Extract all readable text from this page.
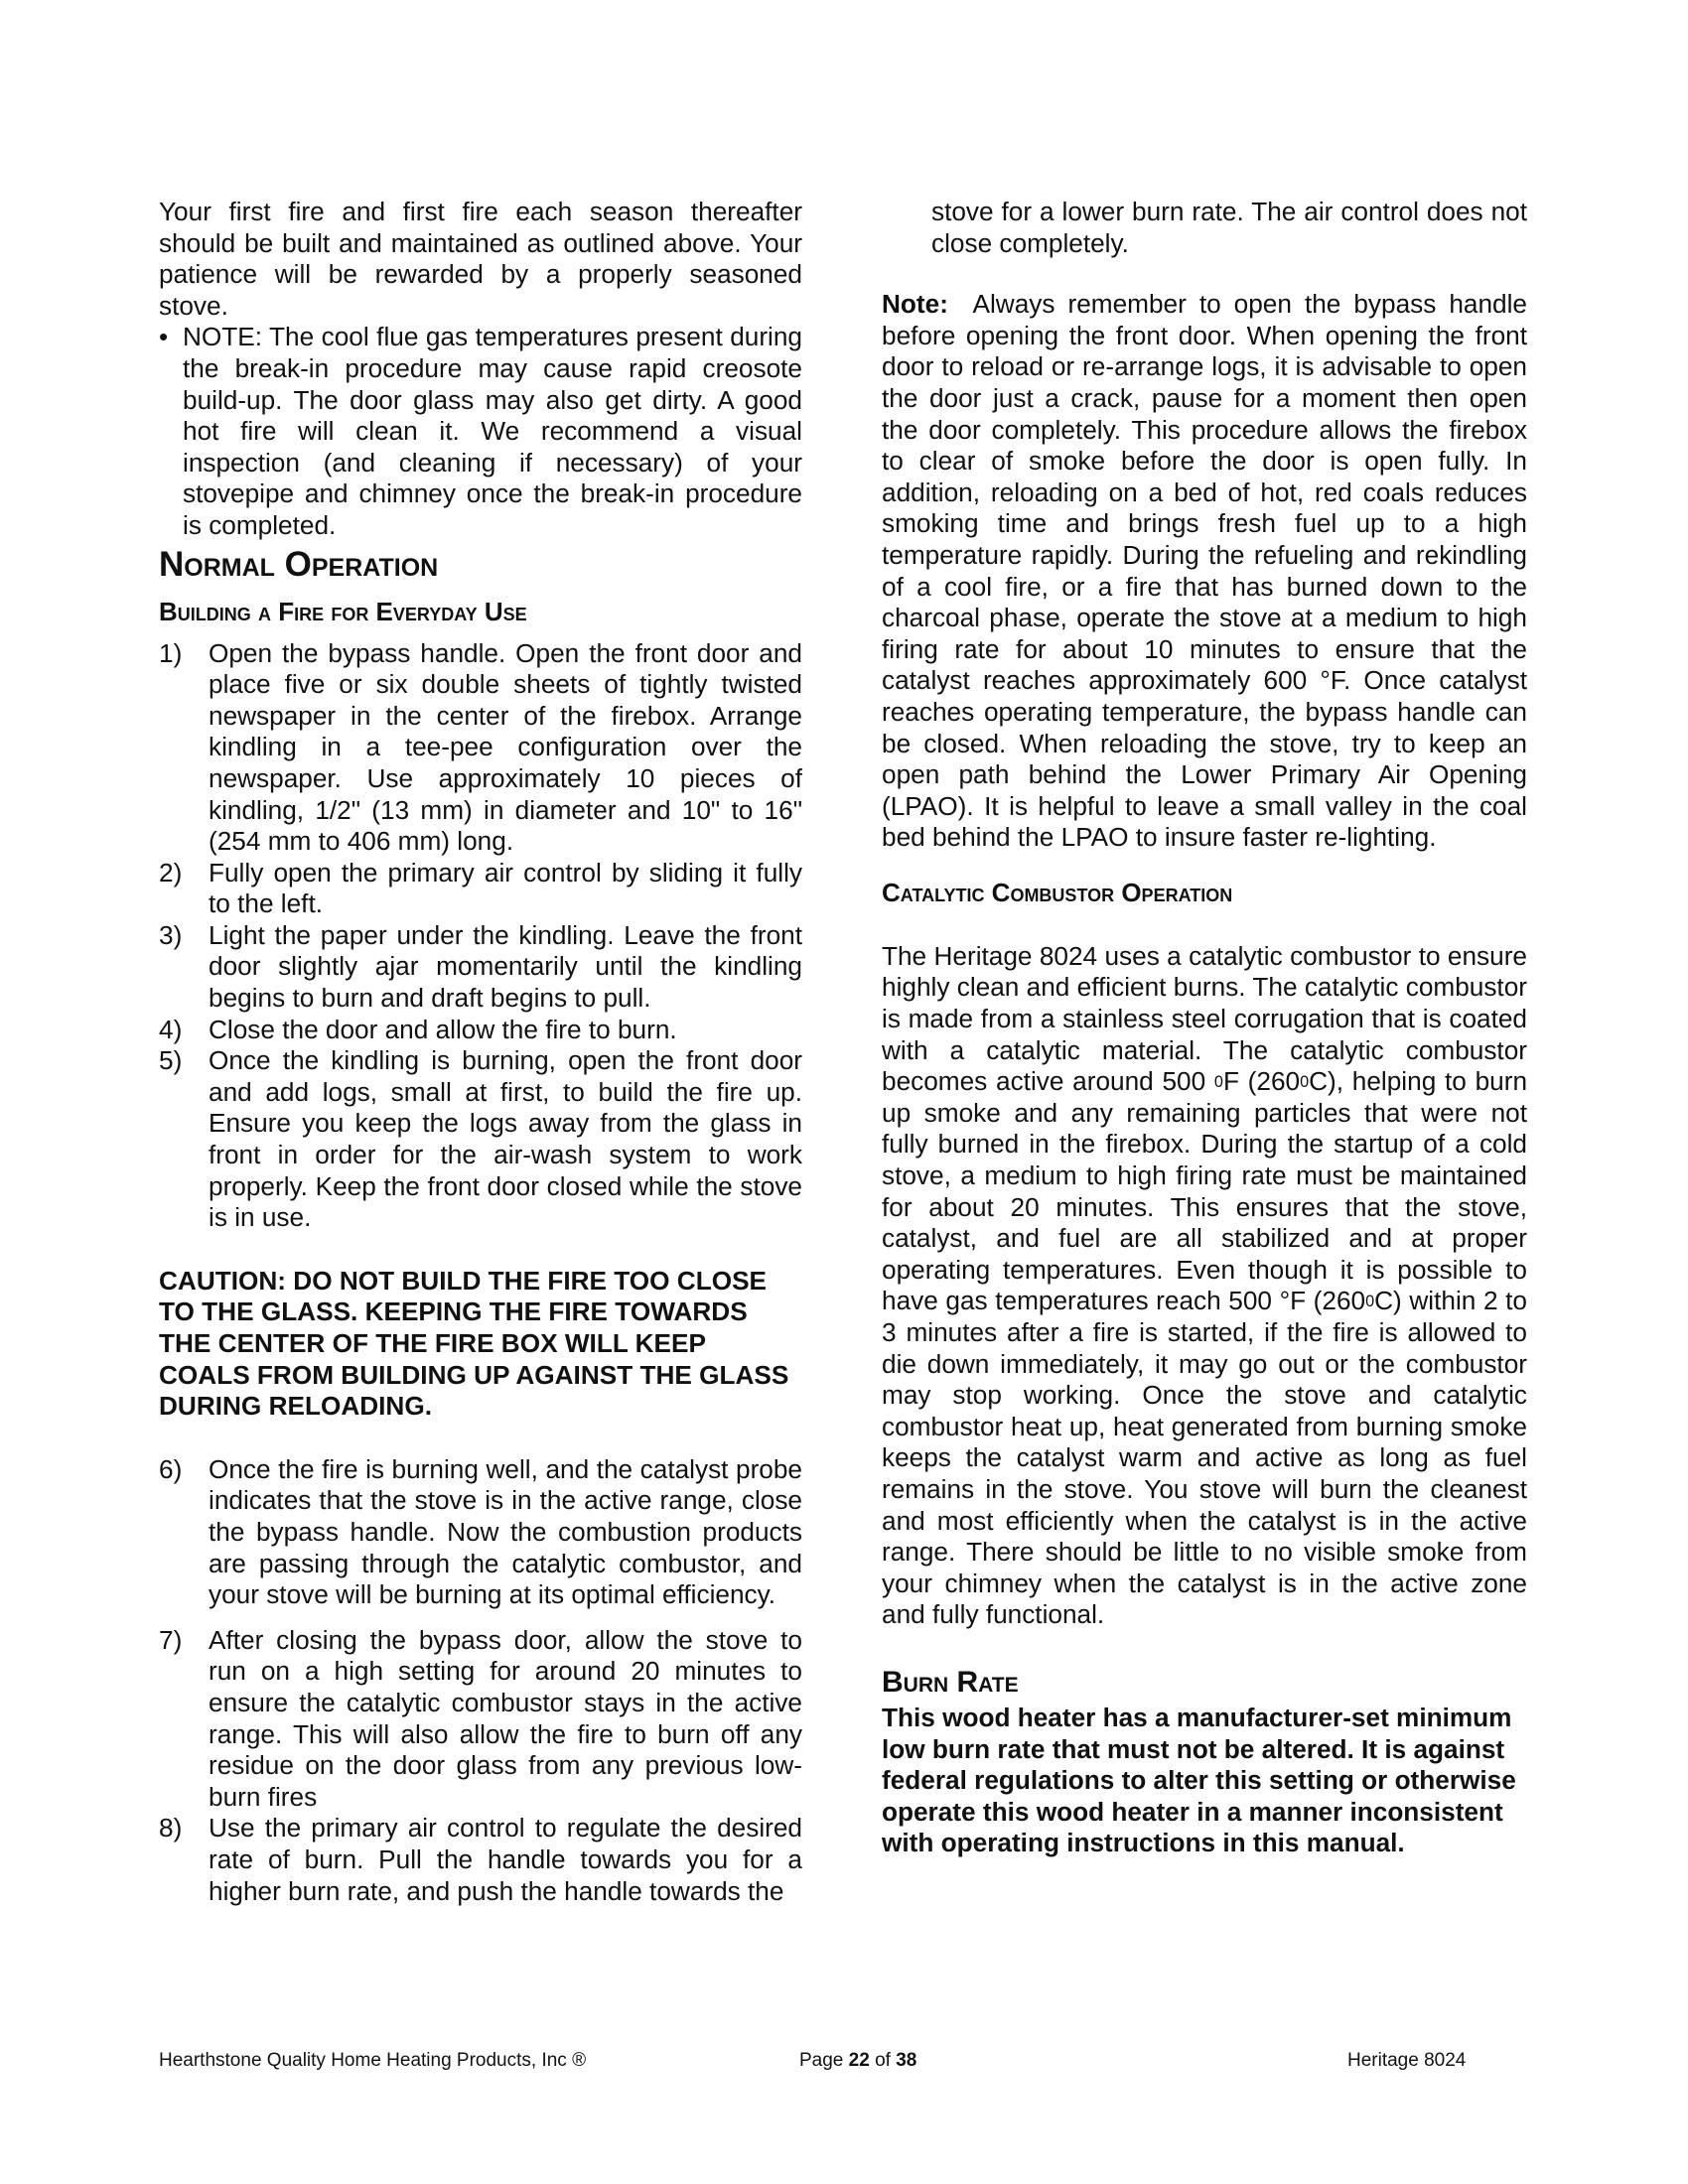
Your first fire and first fire each season thereafter should be built and maintained as outlined above. Your patience will be rewarded by a properly seasoned stove.

• NOTE: The cool flue gas temperatures present during the break-in procedure may cause rapid creosote build-up. The door glass may also get dirty. A good hot fire will clean it. We recommend a visual inspection (and cleaning if necessary) of your stovepipe and chimney once the break-in procedure is completed.
Normal Operation
Building a Fire for Everyday Use
1)	Open the bypass handle. Open the front door and place five or six double sheets of tightly twisted newspaper in the center of the firebox. Arrange kindling in a tee-pee configuration over the newspaper. Use approximately 10 pieces of kindling, 1/2" (13 mm) in diameter and 10" to 16" (254 mm to 406 mm) long.
2)	Fully open the primary air control by sliding it fully to the left.
3)	Light the paper under the kindling. Leave the front door slightly ajar momentarily until the kindling begins to burn and draft begins to pull.
4)	Close the door and allow the fire to burn.
5)	Once the kindling is burning, open the front door and add logs, small at first, to build the fire up. Ensure you keep the logs away from the glass in front in order for the air-wash system to work properly. Keep the front door closed while the stove is in use.

CAUTION: DO NOT BUILD THE FIRE TOO CLOSE TO THE GLASS. KEEPING THE FIRE TOWARDS THE CENTER OF THE FIRE BOX WILL KEEP COALS FROM BUILDING UP AGAINST THE GLASS DURING RELOADING.

6)	Once the fire is burning well, and the catalyst probe indicates that the stove is in the active range, close the bypass handle. Now the combustion products are passing through the catalytic combustor, and your stove will be burning at its optimal efficiency.
7)	After closing the bypass door, allow the stove to run on a high setting for around 20 minutes to ensure the catalytic combustor stays in the active range. This will also allow the fire to burn off any residue on the door glass from any previous low-burn fires
8)	Use the primary air control to regulate the desired rate of burn. Pull the handle towards you for a higher burn rate, and push the handle towards the

stove for a lower burn rate. The air control does not close completely.

Note: Always remember to open the bypass handle before opening the front door. When opening the front door to reload or re-arrange logs, it is advisable to open the door just a crack, pause for a moment then open the door completely. This procedure allows the firebox to clear of smoke before the door is open fully. In addition, reloading on a bed of hot, red coals reduces smoking time and brings fresh fuel up to a high temperature rapidly. During the refueling and rekindling of a cool fire, or a fire that has burned down to the charcoal phase, operate the stove at a medium to high firing rate for about 10 minutes to ensure that the catalyst reaches approximately 600 °F. Once catalyst reaches operating temperature, the bypass handle can be closed. When reloading the stove, try to keep an open path behind the Lower Primary Air Opening (LPAO). It is helpful to leave a small valley in the coal bed behind the LPAO to insure faster re-lighting.

Catalytic Combustor Operation

The Heritage 8024 uses a catalytic combustor to ensure highly clean and efficient burns. The catalytic combustor is made from a stainless steel corrugation that is coated with a catalytic material. The catalytic combustor becomes active around 500 $^0$F $(260^0C)$, helping to burn up smoke and any remaining particles that were not fully burned in the firebox. During the startup of a cold stove, a medium to high firing rate must be maintained for about 20 minutes. This ensures that the stove, catalyst, and fuel are all stabilized and at proper operating temperatures. Even though it is possible to have gas temperatures reach 500 °F $(260^0C)$ within 2 to 3 minutes after a fire is started, if the fire is allowed to die down immediately, it may go out or the combustor may stop working. Once the stove and catalytic combustor heat up, heat generated from burning smoke keeps the catalyst warm and active as long as fuel remains in the stove. You stove will burn the cleanest and most efficiently when the catalyst is in the active range. There should be little to no visible smoke from your chimney when the catalyst is in the active zone and fully functional.

Burn Rate

This wood heater has a manufacturer-set minimum low burn rate that must not be altered. It is against federal regulations to alter this setting or otherwise operate this wood heater in a manner inconsistent with operating instructions in this manual.

Hearthstone Quality Home Heating Products, Inc ®	Page 22 of 38	Heritage 8024
